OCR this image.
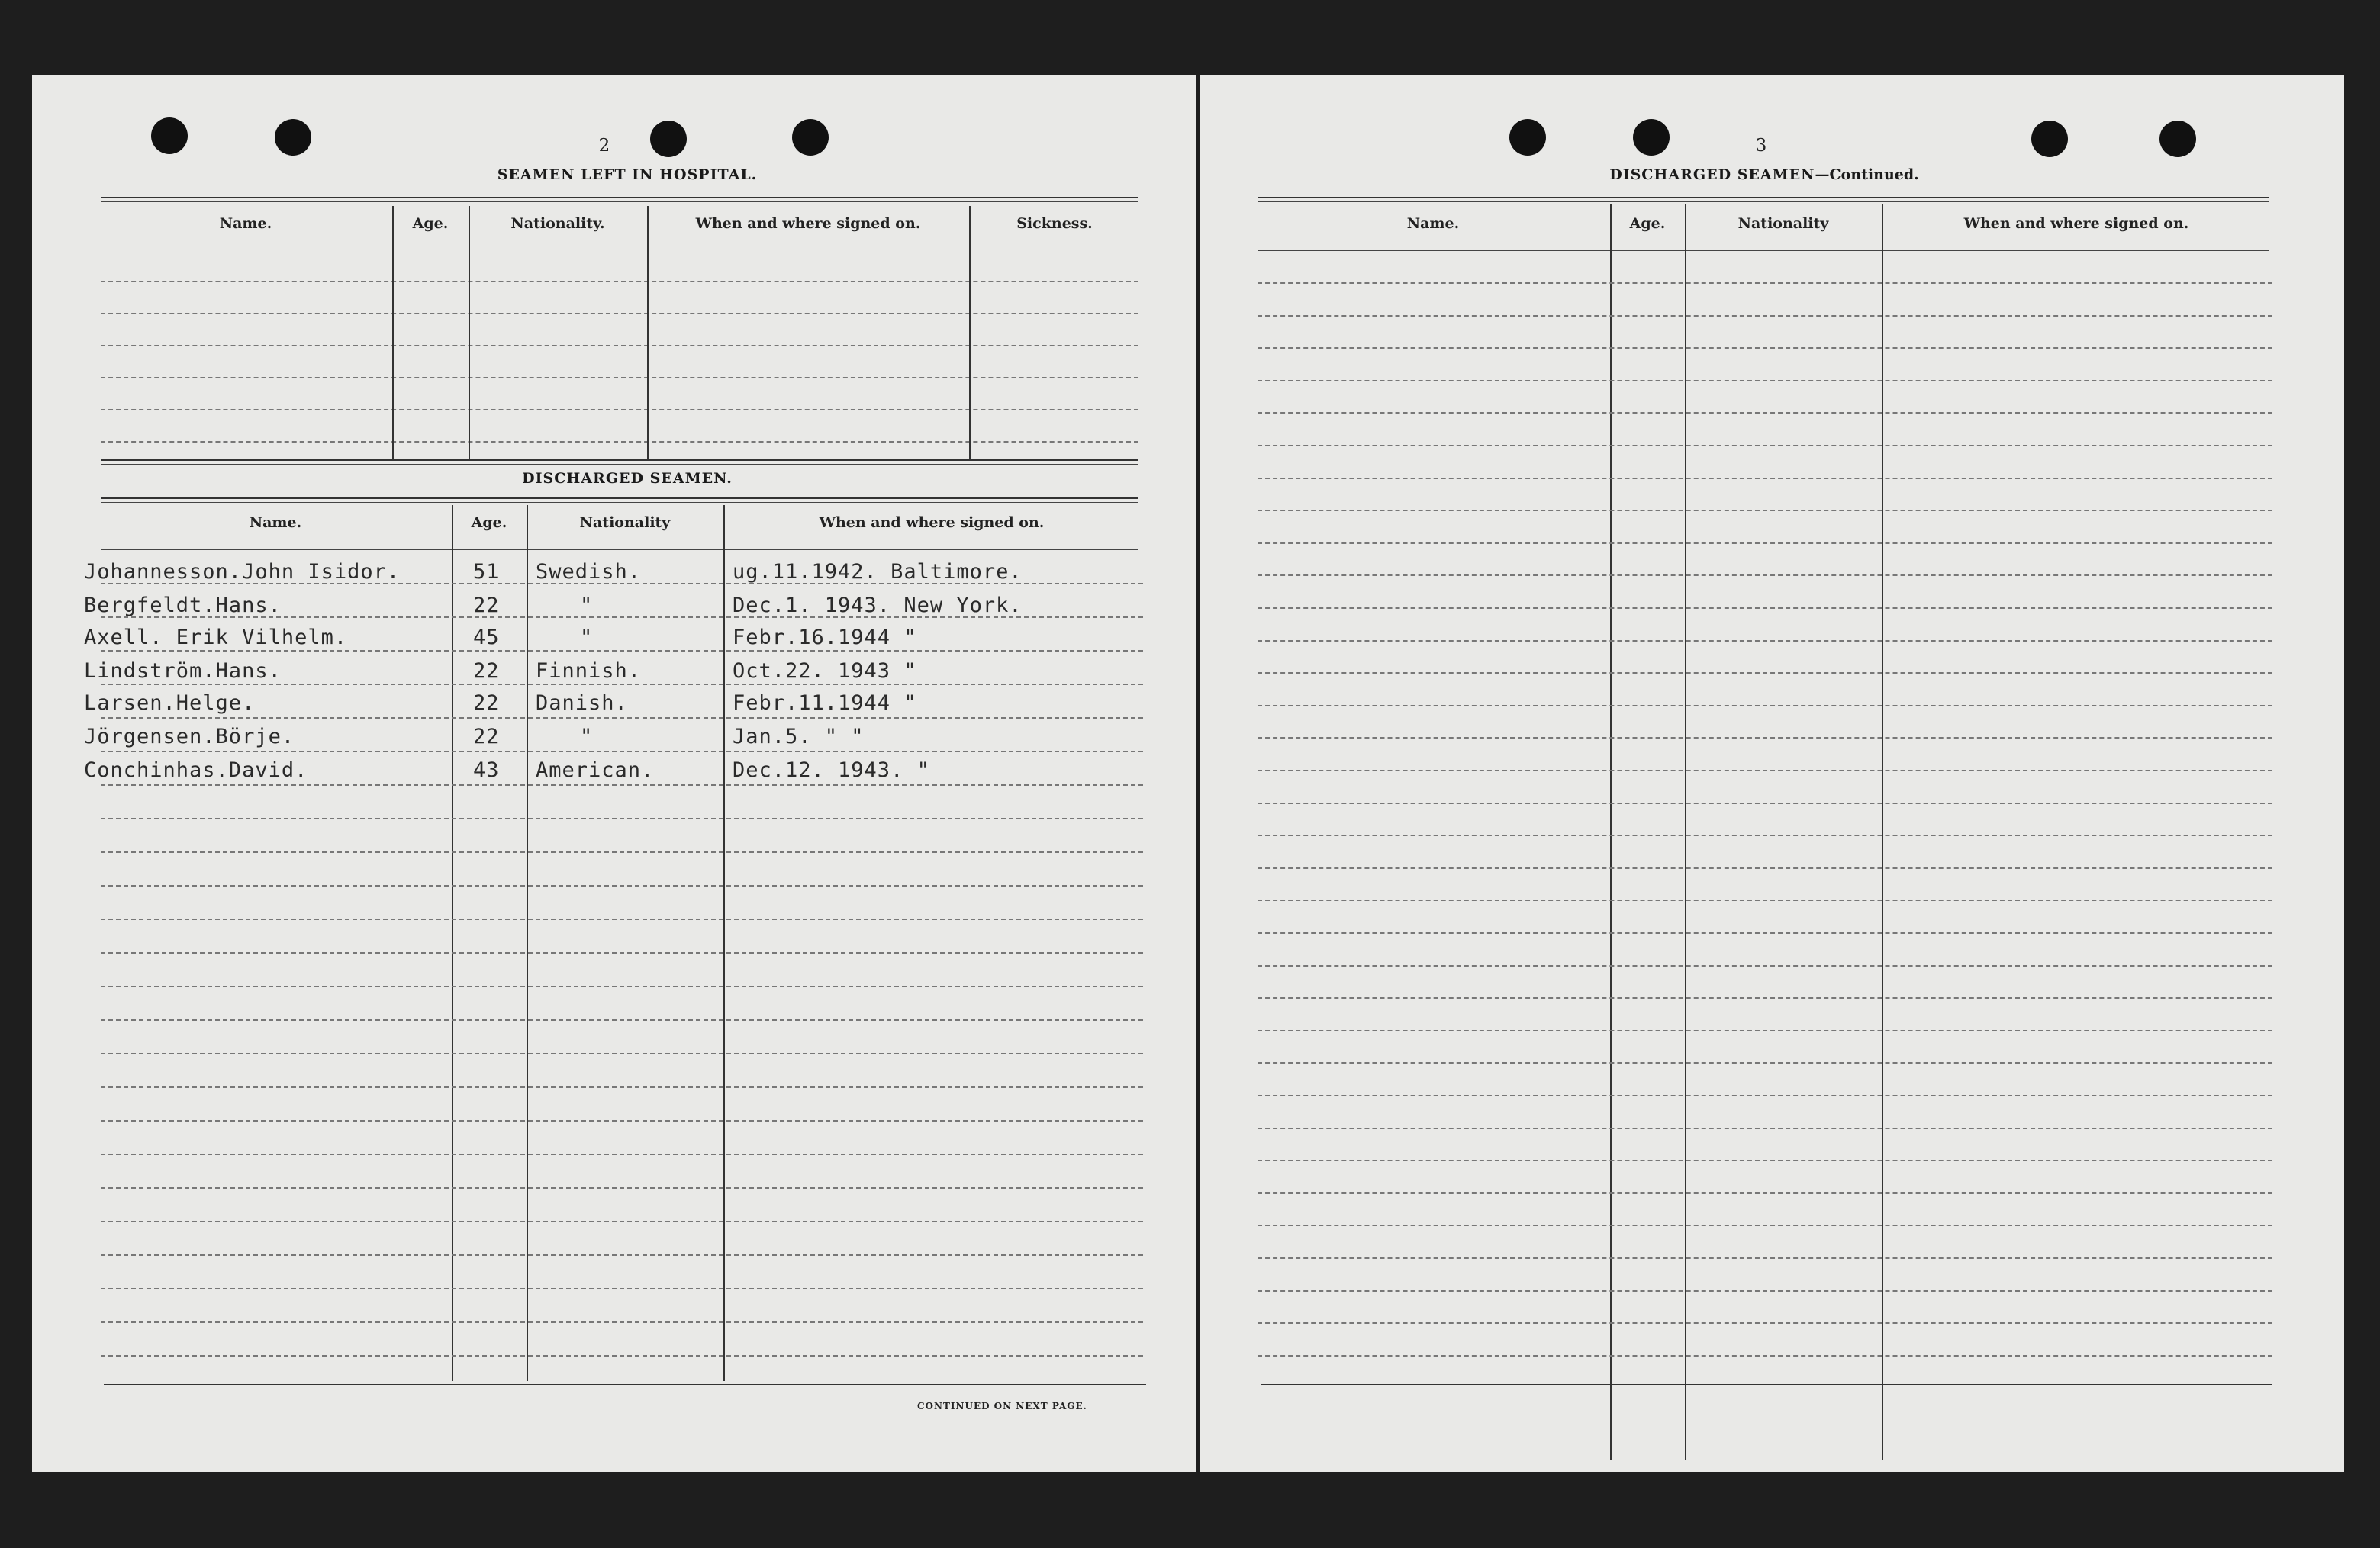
2
SEAMEN LEFT IN HOSPITAL.
Name.	Age.	Nationality.	When and where signed on.	Sickness.
DISCHARGED SEAMEN.
Name.	Age.	Nationality	When and where signed on.
Johannesson.John Isidor.	51 Swedish.	ug.11.1942. Baltimore.
Bergfeldt.Hans.	22	"	Dec.1. 1943. New York.
Axell. Erik Vilhelm.	45	"	Febr.16.1944 "
Lindström.Hans.	22 Finnish.	Oct.22. 1943 "
Larsen.Helge.	22 Danish.	Febr.11.1944 "
Jörgensen.Börje.	22	"	Jan.5. " "
Conchinhas.David.	43 American.	Dec.12. 1943. "
CONTINUED ON NEXT PAGE.
3
DISCHARGED SEAMEN—Continued.
Name.	Age.	Nationality	When and where signed on.
